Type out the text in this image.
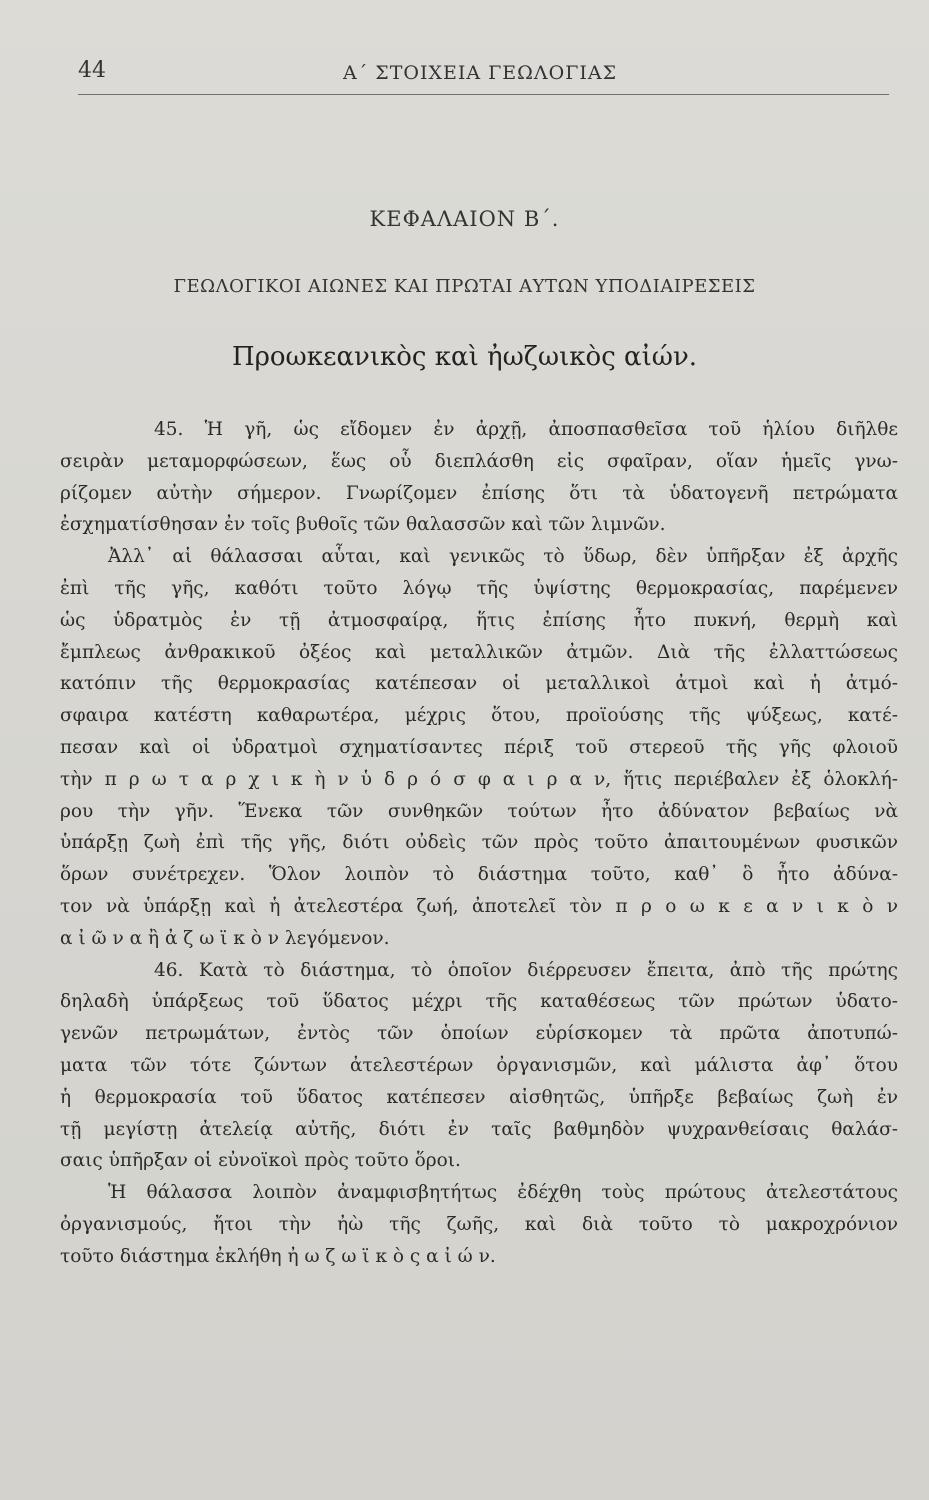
44	Α΄ ΣΤΟΙΧΕΙΑ ΓΕΩΛΟΓΙΑΣ
ΚΕΦΑΛΑΙΟΝ Β΄.
ΓΕΩΛΟΓΙΚΟΙ ΑΙΩΝΕΣ ΚΑΙ ΠΡΩΤΑΙ ΑΥΤΩΝ ΥΠΟΔΙΑΙΡΕΣΕΙΣ
Προωκεανικὸς καὶ ἠωζωικὸς αἰών.
45. Ἡ γῆ, ὡς εἴδομεν ἐν ἀρχῇ, ἀποσπασθεῖσα τοῦ ἡλίου διῆλθε
σειρὰν μεταμορφώσεων, ἕως οὗ διεπλάσθη εἰς σφαῖραν, οἵαν ἡμεῖς γνω-
ρίζομεν αὐτὴν σήμερον. Γνωρίζομεν ἐπίσης ὅτι τὰ ὑδατογενῆ πετρώματα
ἐσχηματίσθησαν ἐν τοῖς βυθοῖς τῶν θαλασσῶν καὶ τῶν λιμνῶν.
Ἀλλ᾽ αἱ θάλασσαι αὗται, καὶ γενικῶς τὸ ὕδωρ, δὲν ὑπῆρξαν ἐξ ἀρχῆς
ἐπὶ τῆς γῆς, καθότι τοῦτο λόγῳ τῆς ὑψίστης θερμοκρασίας, παρέμενεν
ὡς ὑδρατμὸς ἐν τῇ ἀτμοσφαίρᾳ, ἥτις ἐπίσης ἦτο πυκνή, θερμὴ καὶ
ἔμπλεως ἀνθρακικοῦ ὀξέος καὶ μεταλλικῶν ἀτμῶν. Διὰ τῆς ἐλλαττώσεως
κατόπιν τῆς θερμοκρασίας κατέπεσαν οἱ μεταλλικοὶ ἀτμοὶ καὶ ἡ ἀτμό-
σφαιρα κατέστη καθαρωτέρα, μέχρις ὅτου, προϊούσης τῆς ψύξεως, κατέ-
πεσαν καὶ οἱ ὑδρατμοὶ σχηματίσαντες πέριξ τοῦ στερεοῦ τῆς γῆς φλοιοῦ
τὴν π ρ ω τ α ρ χ ι κ ὴ ν ὑ δ ρ ό σ φ α ι ρ α ν, ἥτις περιέβαλεν ἐξ ὁλοκλή-
ρου τὴν γῆν. Ἕνεκα τῶν συνθηκῶν τούτων ἦτο ἀδύνατον βεβαίως νὰ
ὑπάρξῃ ζωὴ ἐπὶ τῆς γῆς, διότι οὐδεὶς τῶν πρὸς τοῦτο ἀπαιτουμένων φυσικῶν
ὅρων συνέτρεχεν. Ὅλον λοιπὸν τὸ διάστημα τοῦτο, καθ᾽ ὃ ἦτο ἀδύνα-
τον νὰ ὑπάρξῃ καὶ ἡ ἀτελεστέρα ζωή, ἀποτελεῖ τὸν π ρ ο ω κ ε α ν ι κ ὸ ν
α ἰ ῶ ν α ἢ ἀ ζ ω ϊ κ ὸ ν λεγόμενον.
46. Κατὰ τὸ διάστημα, τὸ ὁποῖον διέρρευσεν ἔπειτα, ἀπὸ τῆς πρώτης
δηλαδὴ ὑπάρξεως τοῦ ὕδατος μέχρι τῆς καταθέσεως τῶν πρώτων ὑδατο-
γενῶν πετρωμάτων, ἐντὸς τῶν ὁποίων εὑρίσκομεν τὰ πρῶτα ἀποτυπώ-
ματα τῶν τότε ζώντων ἀτελεστέρων ὀργανισμῶν, καὶ μάλιστα ἀφ᾽ ὅτου
ἡ θερμοκρασία τοῦ ὕδατος κατέπεσεν αἰσθητῶς, ὑπῆρξε βεβαίως ζωὴ ἐν
τῇ μεγίστῃ ἀτελείᾳ αὐτῆς, διότι ἐν ταῖς βαθμηδὸν ψυχρανθείσαις θαλάσ-
σαις ὑπῆρξαν οἱ εὐνοϊκοὶ πρὸς τοῦτο ὅροι.
Ἡ θάλασσα λοιπὸν ἀναμφισβητήτως ἐδέχθη τοὺς πρώτους ἀτελεστάτους
ὀργανισμούς, ἤτοι τὴν ἠὼ τῆς ζωῆς, καὶ διὰ τοῦτο τὸ μακροχρόνιον
τοῦτο διάστημα ἐκλήθη ἠ ω ζ ω ϊ κ ὸ ς α ἰ ώ ν.
